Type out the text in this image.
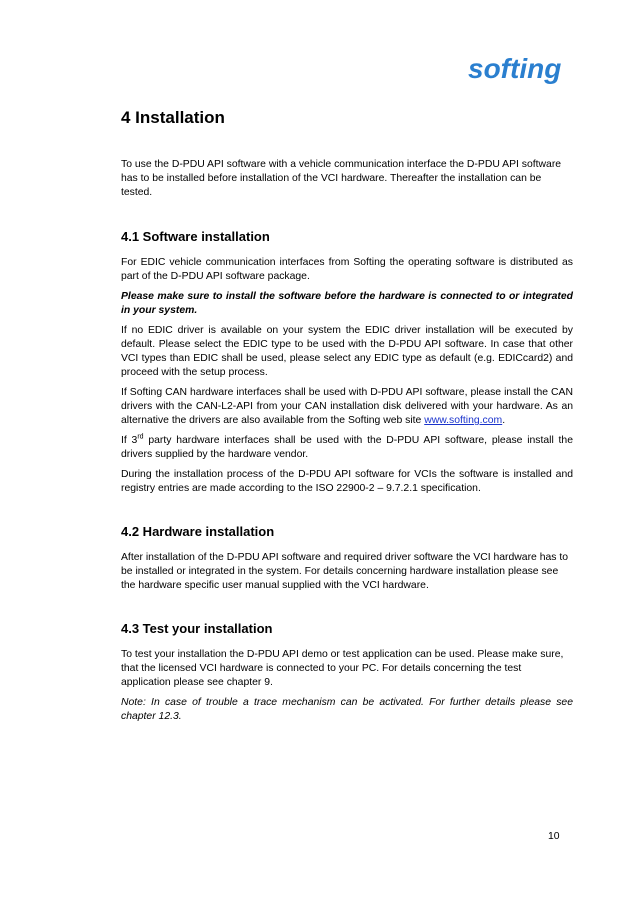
softing
4 Installation

To use the D-PDU API software with a vehicle communication interface the D-PDU API software has to be installed before installation of the VCI hardware. Thereafter the installation can be tested.

4.1 Software installation

For EDIC vehicle communication interfaces from Softing the operating software is distributed as part of the D-PDU API software package.

Please make sure to install the software before the hardware is connected to or integrated in your system.

If no EDIC driver is available on your system the EDIC driver installation will be executed by default. Please select the EDIC type to be used with the D-PDU API software. In case that other VCI types than EDIC shall be used, please select any EDIC type as default (e.g. EDICcard2) and proceed with the setup process.

If Softing CAN hardware interfaces shall be used with D-PDU API software, please install the CAN drivers with the CAN-L2-API from your CAN installation disk delivered with your hardware. As an alternative the drivers are also available from the Softing web site www.softing.com.

If 3rd party hardware interfaces shall be used with the D-PDU API software, please install the drivers supplied by the hardware vendor.

During the installation process of the D-PDU API software for VCIs the software is installed and registry entries are made according to the ISO 22900-2 – 9.7.2.1 specification.

4.2 Hardware installation

After installation of the D-PDU API software and required driver software the VCI hardware has to be installed or integrated in the system. For details concerning hardware installation please see the hardware specific user manual supplied with the VCI hardware.

4.3 Test your installation

To test your installation the D-PDU API demo or test application can be used. Please make sure, that the licensed VCI hardware is connected to your PC. For details concerning the test application please see chapter 9.

Note: In case of trouble a trace mechanism can be activated. For further details please see chapter 12.3.

10
